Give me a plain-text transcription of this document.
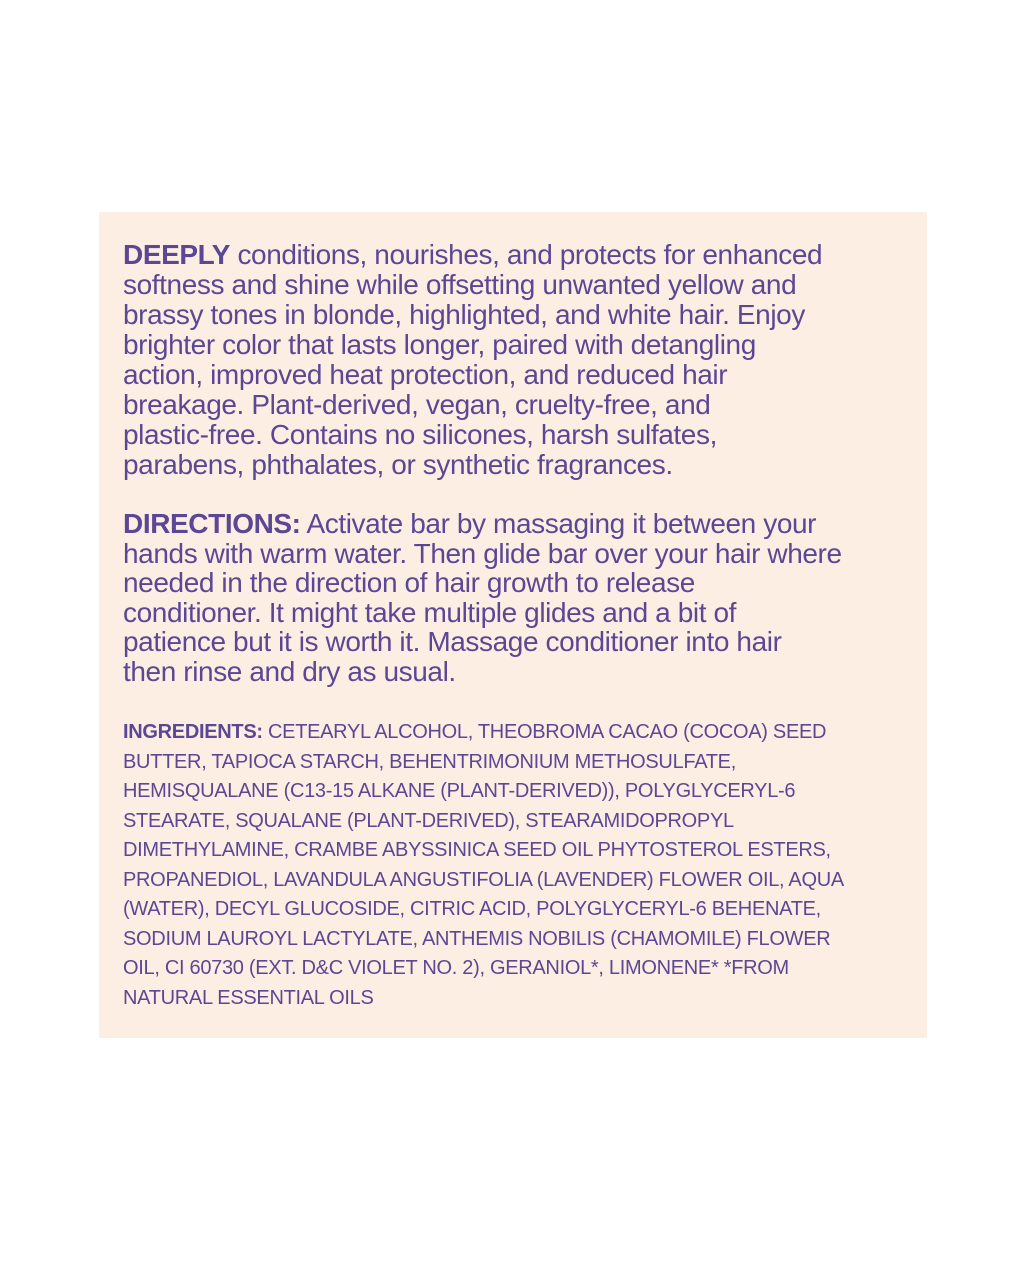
DEEPLY conditions, nourishes, and protects for enhanced
softness and shine while offsetting unwanted yellow and
brassy tones in blonde, highlighted, and white hair. Enjoy
brighter color that lasts longer, paired with detangling
action, improved heat protection, and reduced hair
breakage. Plant-derived, vegan, cruelty-free, and
plastic-free. Contains no silicones, harsh sulfates,
parabens, phthalates, or synthetic fragrances.
DIRECTIONS: Activate bar by massaging it between your
hands with warm water. Then glide bar over your hair where
needed in the direction of hair growth to release
conditioner. It might take multiple glides and a bit of
patience but it is worth it. Massage conditioner into hair
then rinse and dry as usual.
INGREDIENTS: CETEARYL ALCOHOL, THEOBROMA CACAO (COCOA) SEED
BUTTER, TAPIOCA STARCH, BEHENTRIMONIUM METHOSULFATE,
HEMISQUALANE (C13-15 ALKANE (PLANT-DERIVED)), POLYGLYCERYL-6
STEARATE, SQUALANE (PLANT-DERIVED), STEARAMIDOPROPYL
DIMETHYLAMINE, CRAMBE ABYSSINICA SEED OIL PHYTOSTEROL ESTERS,
PROPANEDIOL, LAVANDULA ANGUSTIFOLIA (LAVENDER) FLOWER OIL, AQUA
(WATER), DECYL GLUCOSIDE, CITRIC ACID, POLYGLYCERYL-6 BEHENATE,
SODIUM LAUROYL LACTYLATE, ANTHEMIS NOBILIS (CHAMOMILE) FLOWER
OIL, CI 60730 (EXT. D&C VIOLET NO. 2), GERANIOL*, LIMONENE* *FROM
NATURAL ESSENTIAL OILS
